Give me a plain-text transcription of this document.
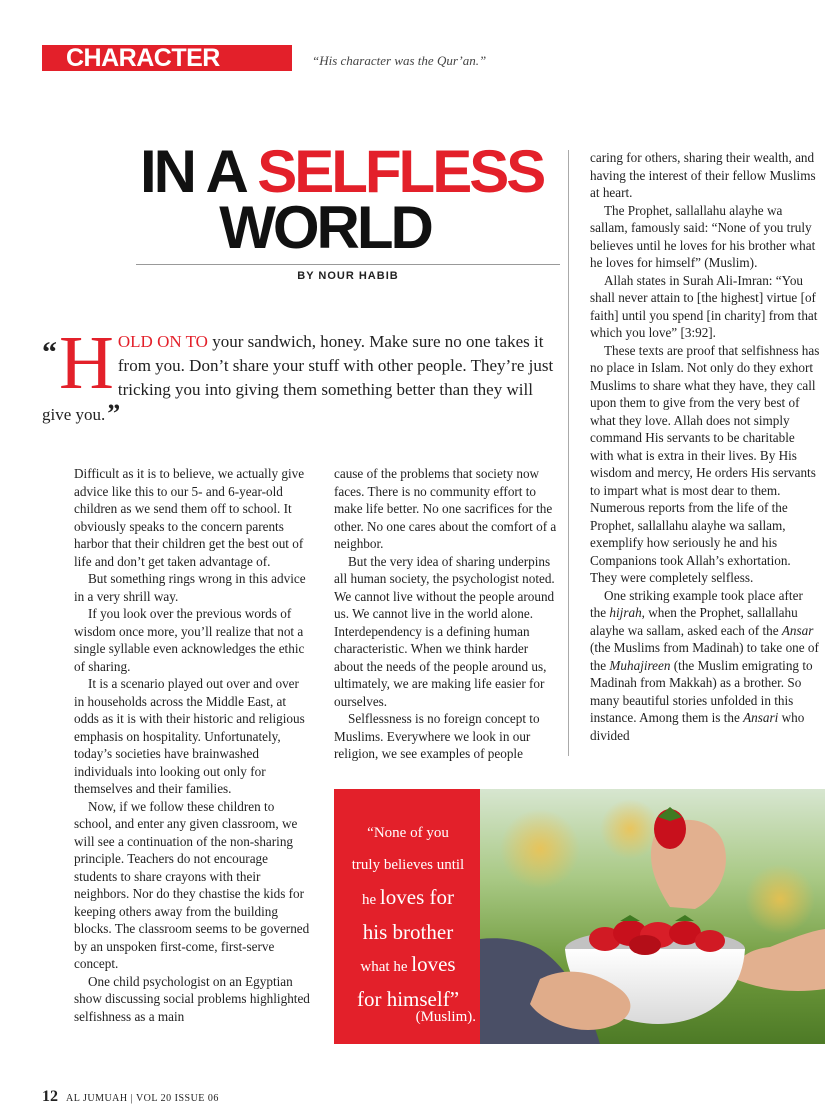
CHARACTER	“His character was the Qur’an.”
IN A SELFLESS
WORLD
BY NOUR HABIB
“ H OLD ON TO your sandwich, honey. Make sure no one takes it from you. Don’t share your stuff with other people. They’re just tricking you into giving them something better than they will give you.”

Difficult as it is to believe, we actually give advice like this to our 5- and 6-year-old children as we send them off to school. It obviously speaks to the concern parents harbor that their children get the best out of life and don’t get taken advantage of.

But something rings wrong in this advice in a very shrill way.

If you look over the previous words of wisdom once more, you’ll realize that not a single syllable even acknowledges the ethic of sharing.

It is a scenario played out over and over in households across the Middle East, at odds as it is with their historic and religious emphasis on hospitality. Unfortunately, today’s societies have brainwashed individuals into looking out only for themselves and their families.

Now, if we follow these children to school, and enter any given classroom, we will see a continuation of the non-sharing principle. Teachers do not encourage students to share crayons with their neighbors. Nor do they chastise the kids for keeping others away from the building blocks. The classroom seems to be governed by an unspoken first-come, first-serve concept.

One child psychologist on an Egyptian show discussing social problems highlighted selfishness as a main

cause of the problems that society now faces. There is no community effort to make life better. No one sacrifices for the other. No one cares about the comfort of a neighbor.

But the very idea of sharing underpins all human society, the psychologist noted. We cannot live without the people around us. We cannot live in the world alone. Interdependency is a defining human characteristic. When we think harder about the needs of the people around us, ultimately, we are making life easier for ourselves.

Selflessness is no foreign concept to Muslims. Everywhere we look in our religion, we see examples of people

caring for others, sharing their wealth, and having the interest of their fellow Muslims at heart.

The Prophet, sallallahu alayhe wa sallam, famously said: “None of you truly believes until he loves for his brother what he loves for himself” (Muslim).

Allah states in Surah Ali-Imran: “You shall never attain to [the highest] virtue [of faith] until you spend [in charity] from that which you love” [3:92].

These texts are proof that selfishness has no place in Islam. Not only do they exhort Muslims to share what they have, they call upon them to give from the very best of what they love. Allah does not simply command His servants to be charitable with what is extra in their lives. By His wisdom and mercy, He orders His servants to impart what is most dear to them. Numerous reports from the life of the Prophet, sallallahu alayhe wa sallam, exemplify how seriously he and his Companions took Allah’s exhortation. They were completely selfless.

One striking example took place after the hijrah, when the Prophet, sallallahu alayhe wa sallam, asked each of the Ansar (the Muslims from Madinah) to take one of the Muhajireen (the Muslim emigrating to Madinah from Makkah) as a brother. So many beautiful stories unfolded in this instance. Among them is the Ansari who divided

“None of you
truly believes until
he loves for
his brother
what he loves
for himself”
(Muslim).
12 AL JUMUAH | VOL 20 ISSUE 06
